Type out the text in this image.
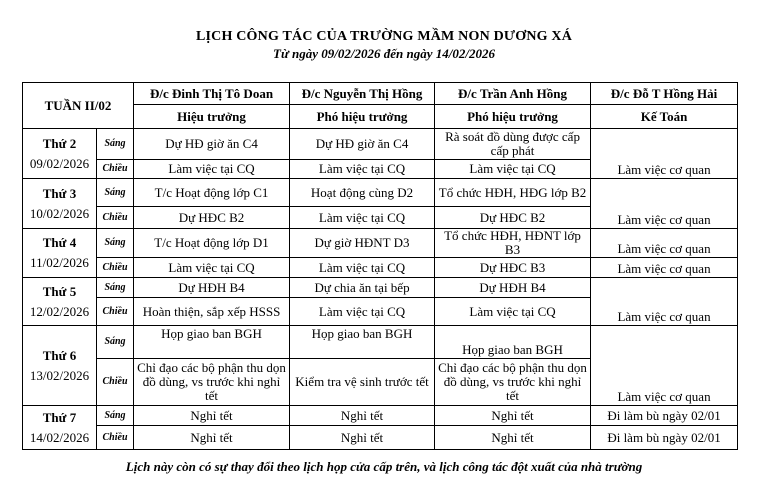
LỊCH CÔNG TÁC CỦA TRƯỜNG MẦM NON DƯƠNG XÁ
Từ ngày 09/02/2026 đến ngày 14/02/2026
TUẦN II/02		Đ/c Đinh Thị Tô Doan	Đ/c Nguyễn Thị Hồng	Đ/c Trần Anh Hồng	Đ/c Đỗ T Hồng Hải
		Hiệu trưởng	Phó hiệu trưởng	Phó hiệu trưởng	Kế Toán

Thứ 2
09/02/2026	Sáng	Dự HĐ giờ ăn C4	Dự HĐ giờ ăn C4	Rà soát đồ dùng được cấp cấp phát	Làm việc cơ quan
	Chiều	Làm việc tại CQ	Làm việc tại CQ	Làm việc tại CQ	

Thứ 3
10/02/2026	Sáng	T/c Hoạt động lớp C1	Hoạt động cùng D2	Tổ chức HĐH, HĐG lớp B2	Làm việc cơ quan
	Chiều	Dự HĐC B2	Làm việc tại CQ	Dự HĐC B2	

Thứ 4
11/02/2026	Sáng	T/c Hoạt động lớp D1	Dự giờ HĐNT D3	Tổ chức HĐH, HĐNT lớp B3	Làm việc cơ quan
	Chiều	Làm việc tại CQ	Làm việc tại CQ	Dự HĐC B3	Làm việc cơ quan

Thứ 5
12/02/2026	Sáng	Dự HĐH B4	Dự chia ăn tại bếp	Dự HĐH B4	Làm việc cơ quan
	Chiều	Hoàn thiện, sắp xếp HSSS	Làm việc tại CQ	Làm việc tại CQ	

Thứ 6
13/02/2026	Sáng	Họp giao ban BGH	Họp giao ban BGH	Họp giao ban BGH	Làm việc cơ quan
	Chiều	Chỉ đạo các bộ phận thu dọn đồ dùng, vs trước khi nghỉ tết	Kiểm tra vệ sinh trước tết	Chỉ đạo các bộ phận thu dọn đồ dùng, vs trước khi nghỉ tết	

Thứ 7
14/02/2026	Sáng	Nghỉ tết	Nghỉ tết	Nghỉ tết	Đi làm bù ngày 02/01
	Chiều	Nghỉ tết	Nghỉ tết	Nghỉ tết	Đi làm bù ngày 02/01
Lịch này còn có sự thay đổi theo lịch họp cửa cấp trên, và lịch công tác đột xuất của nhà trường
